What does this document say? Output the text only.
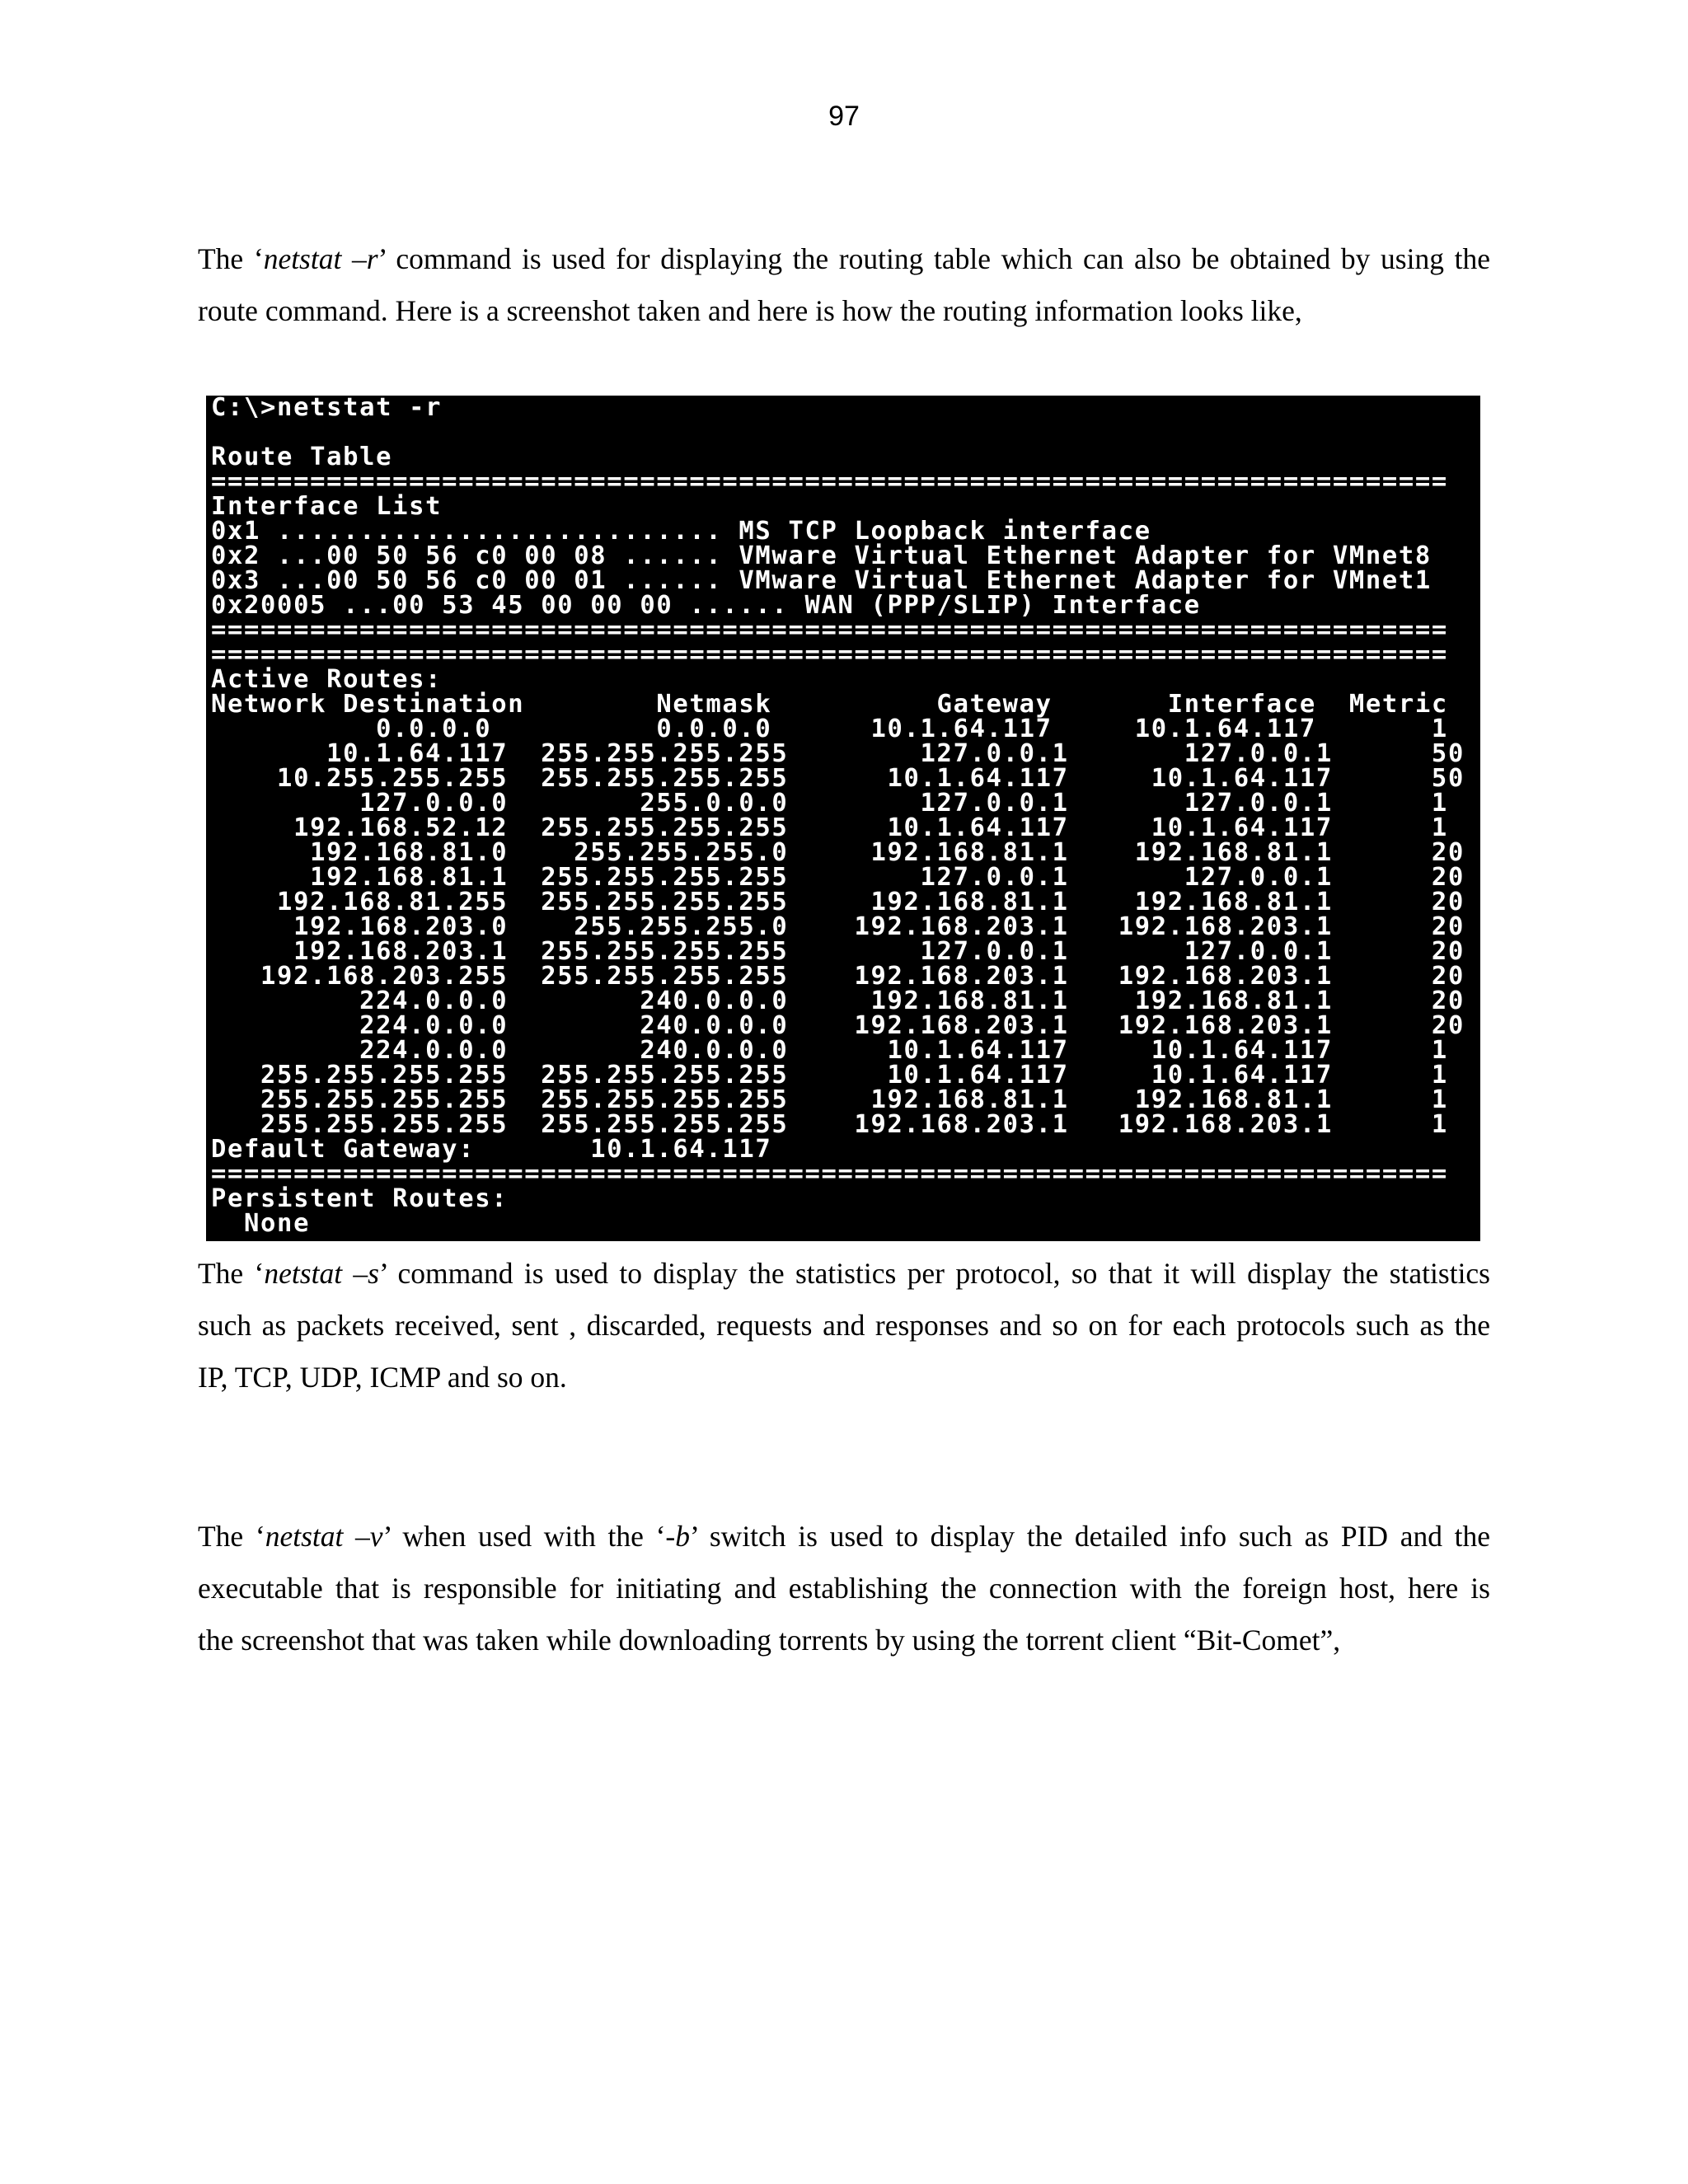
97

The ‘netstat –r’ command is used for displaying the routing table which can also be obtained by using the
route command. Here is a screenshot taken and here is how the routing information looks like,

C:\>netstat -r

Route Table
===========================================================================
Interface List
0x1 ........................... MS TCP Loopback interface
0x2 ...00 50 56 c0 00 08 ...... VMware Virtual Ethernet Adapter for VMnet8
0x3 ...00 50 56 c0 00 01 ...... VMware Virtual Ethernet Adapter for VMnet1
0x20005 ...00 53 45 00 00 00 ...... WAN (PPP/SLIP) Interface
===========================================================================
===========================================================================
Active Routes:
Network Destination        Netmask          Gateway       Interface  Metric
0.0.0.0          0.0.0.0      10.1.64.117     10.1.64.117       1
10.1.64.117  255.255.255.255        127.0.0.1       127.0.0.1      50
10.255.255.255  255.255.255.255      10.1.64.117     10.1.64.117      50
127.0.0.0        255.0.0.0        127.0.0.1       127.0.0.1      1
192.168.52.12  255.255.255.255      10.1.64.117     10.1.64.117      1
192.168.81.0    255.255.255.0     192.168.81.1    192.168.81.1      20
192.168.81.1  255.255.255.255        127.0.0.1       127.0.0.1      20
192.168.81.255  255.255.255.255     192.168.81.1    192.168.81.1      20
192.168.203.0    255.255.255.0    192.168.203.1   192.168.203.1      20
192.168.203.1  255.255.255.255        127.0.0.1       127.0.0.1      20
192.168.203.255  255.255.255.255    192.168.203.1   192.168.203.1      20
224.0.0.0        240.0.0.0     192.168.81.1    192.168.81.1      20
224.0.0.0        240.0.0.0    192.168.203.1   192.168.203.1      20
224.0.0.0        240.0.0.0      10.1.64.117     10.1.64.117      1
255.255.255.255  255.255.255.255      10.1.64.117     10.1.64.117      1
255.255.255.255  255.255.255.255     192.168.81.1    192.168.81.1      1
255.255.255.255  255.255.255.255    192.168.203.1   192.168.203.1      1
Default Gateway:       10.1.64.117
===========================================================================
Persistent Routes:
None

The ‘netstat –s’ command is used to display the statistics per protocol, so that it will display the statistics
such as packets received, sent , discarded, requests and responses and so on for each protocols such as the
IP, TCP, UDP, ICMP and so on.

The ‘netstat –v’ when used with the ‘-b’ switch is used to display the detailed info such as PID and the
executable that is responsible for initiating and establishing the connection with the foreign host, here is
the screenshot that was taken while downloading torrents by using the torrent client “Bit-Comet”,
